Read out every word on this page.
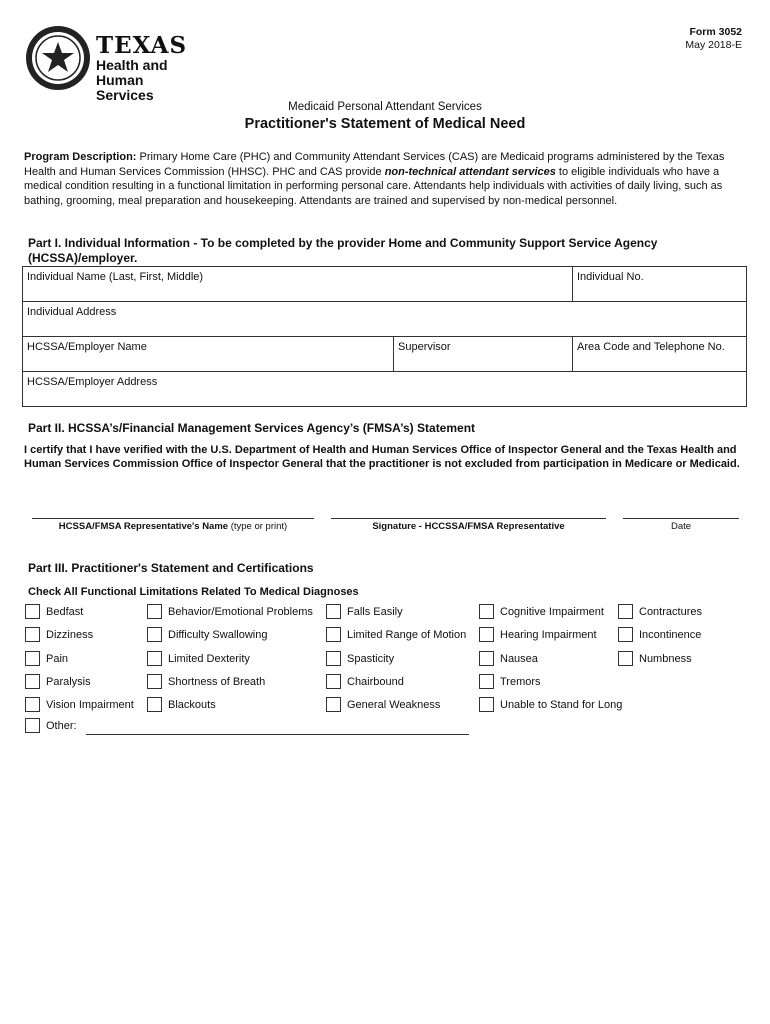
TEXAS
Health and Human
Services
Form 3052
May 2018-E
Medicaid Personal Attendant Services
Practitioner's Statement of Medical Need
Program Description: Primary Home Care (PHC) and Community Attendant Services (CAS) are Medicaid programs administered by the Texas Health and Human Services Commission (HHSC). PHC and CAS provide non-technical attendant services to eligible individuals who have a medical condition resulting in a functional limitation in performing personal care. Attendants help individuals with activities of daily living, such as bathing, grooming, meal preparation and housekeeping. Attendants are trained and supervised by non-medical personnel.
Part I. Individual Information - To be completed by the provider Home and Community Support Service Agency (HCSSA)/employer.
Individual Name (Last, First, Middle)		Individual No.
Individual Address		
HCSSA/Employer Name	Supervisor	Area Code and Telephone No.
HCSSA/Employer Address		
Part II. HCSSA’s/Financial Management Services Agency’s (FMSA’s) Statement
I certify that I have verified with the U.S. Department of Health and Human Services Office of Inspector General and the Texas Health and Human Services Commission Office of Inspector General that the practitioner is not excluded from participation in Medicare or Medicaid.
HCSSA/FMSA Representative's Name (type or print)	Signature - HCCSSA/FMSA Representative	Date
Part III. Practitioner's Statement and Certifications
Check All Functional Limitations Related To Medical Diagnoses
Bedfast	Behavior/Emotional Problems	Falls Easily	Cognitive Impairment	Contractures
Dizziness	Difficulty Swallowing	Limited Range of Motion	Hearing Impairment	Incontinence
Pain	Limited Dexterity	Spasticity	Nausea	Numbness
Paralysis	Shortness of Breath	Chairbound	Tremors
Vision Impairment	Blackouts	General Weakness	Unable to Stand for Long
Other:
